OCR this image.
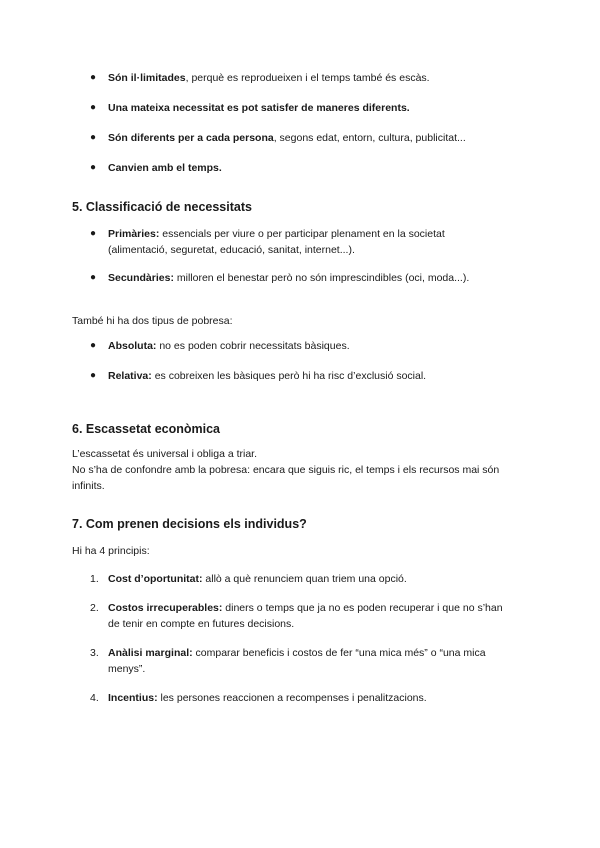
● Són il·limitades, perquè es reprodueixen i el temps també és escàs.
● Una mateixa necessitat es pot satisfer de maneres diferents.
● Són diferents per a cada persona, segons edat, entorn, cultura, publicitat...
● Canvien amb el temps.
5. Classificació de necessitats
● Primàries: essencials per viure o per participar plenament en la societat
(alimentació, seguretat, educació, sanitat, internet...).
● Secundàries: milloren el benestar però no són imprescindibles (oci, moda...).
També hi ha dos tipus de pobresa:
● Absoluta: no es poden cobrir necessitats bàsiques.
● Relativa: es cobreixen les bàsiques però hi ha risc d’exclusió social.
6. Escassetat econòmica
L’escassetat és universal i obliga a triar.
No s’ha de confondre amb la pobresa: encara que siguis ric, el temps i els recursos mai són
infinits.
7. Com prenen decisions els individus?
Hi ha 4 principis:
1. Cost d’oportunitat: allò a què renunciem quan triem una opció.
2. Costos irrecuperables: diners o temps que ja no es poden recuperar i que no s’han
de tenir en compte en futures decisions.
3. Anàlisi marginal: comparar beneficis i costos de fer “una mica més” o “una mica
menys”.
4. Incentius: les persones reaccionen a recompenses i penalitzacions.
